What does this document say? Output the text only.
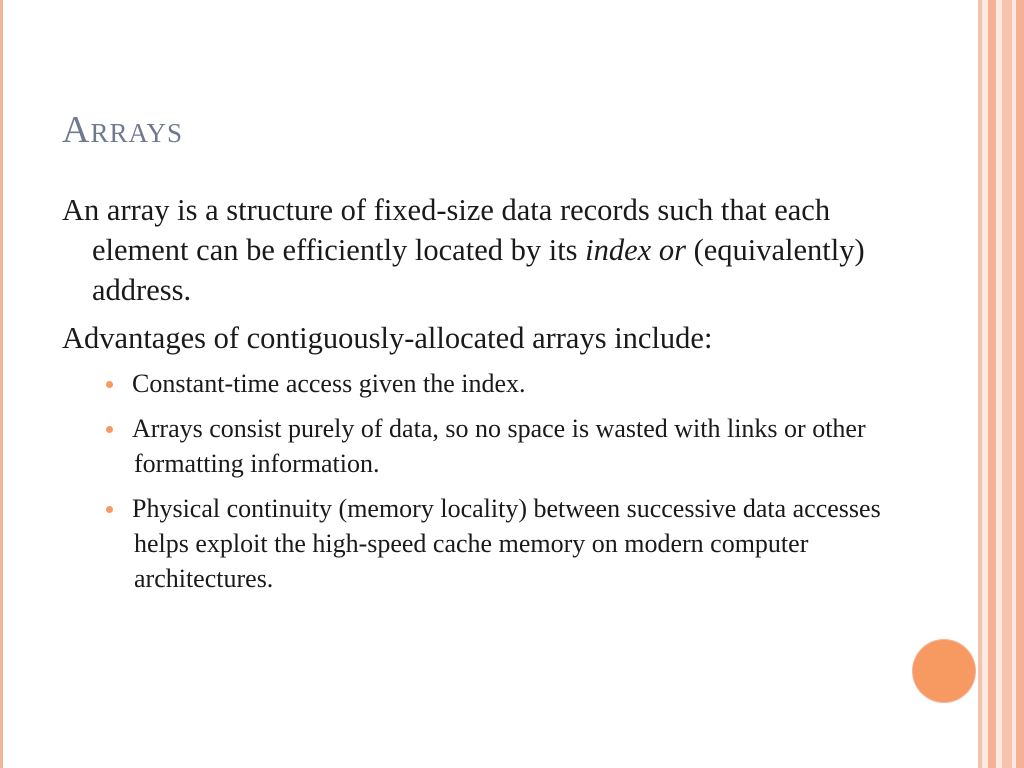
Arrays

An array is a structure of fixed-size data records such that each element can be efficiently located by its index or (equivalently) address.

Advantages of contiguously-allocated arrays include:

Constant-time access given the index.
Arrays consist purely of data, so no space is wasted with links or other formatting information.
Physical continuity (memory locality) between successive data accesses helps exploit the high-speed cache memory on modern computer architectures.
